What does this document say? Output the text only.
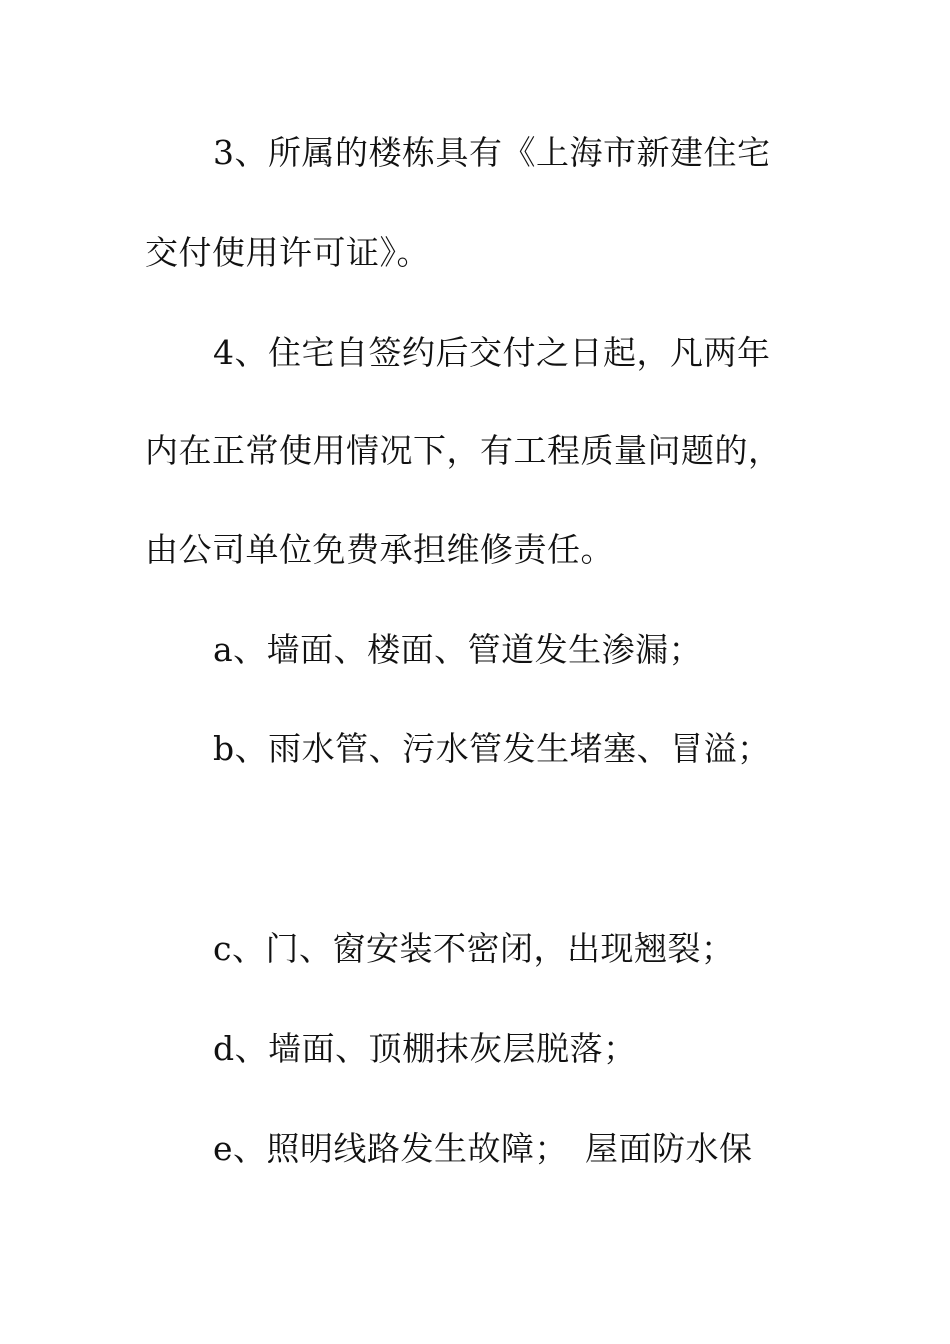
3、所属的楼栋具有《上海市新建住宅
交付使用许可证》。
4、住宅自签约后交付之日起，凡两年
内在正常使用情况下，有工程质量问题的，
由公司单位免费承担维修责任。
a、墙面、楼面、管道发生渗漏；
b、雨水管、污水管发生堵塞、冒溢；
c、门、窗安装不密闭，出现翘裂；
d、墙面、顶棚抹灰层脱落；
e、照明线路发生故障；　屋面防水保
